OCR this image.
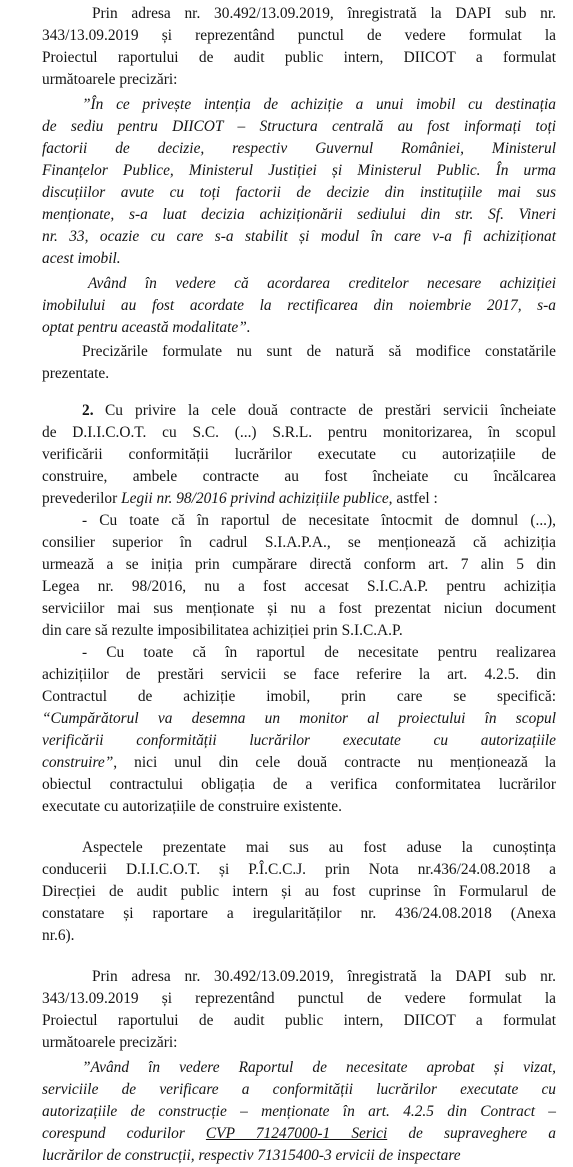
Prin adresa nr. 30.492/13.09.2019, înregistrată la DAPI sub nr.
343/13.09.2019 și reprezentând punctul de vedere formulat la
Proiectul raportului de audit public intern, DIICOT a formulat
următoarele precizări:
”În ce privește intenția de achiziție a unui imobil cu destinația
de sediu pentru DIICOT – Structura centrală au fost informați toți
factorii de decizie, respectiv Guvernul României, Ministerul
Finanțelor Publice, Ministerul Justiției și Ministerul Public. În urma
discuțiilor avute cu toți factorii de decizie din instituțiile mai sus
menționate, s-a luat decizia achiziționării sediului din str. Sf. Vineri
nr. 33, ocazie cu care s-a stabilit și modul în care v-a fi achiziționat
acest imobil.
Având în vedere că acordarea creditelor necesare achiziției
imobilului au fost acordate la rectificarea din noiembrie 2017, s-a
optat pentru această modalitate”.
Precizările formulate nu sunt de natură să modifice constatările
prezentate.
2. Cu privire la cele două contracte de prestări servicii încheiate
de D.I.I.C.O.T. cu S.C. (...) S.R.L. pentru monitorizarea, în scopul
verificării conformității lucrărilor executate cu autorizațiile de
construire, ambele contracte au fost încheiate cu încălcarea
prevederilor Legii nr. 98/2016 privind achizițiile publice, astfel :
- Cu toate că în raportul de necesitate întocmit de domnul (...),
consilier superior în cadrul S.I.A.P.A., se menționează că achiziția
urmează a se iniția prin cumpărare directă conform art. 7 alin 5 din
Legea nr. 98/2016, nu a fost accesat S.I.C.A.P. pentru achiziția
serviciilor mai sus menționate și nu a fost prezentat niciun document
din care să rezulte imposibilitatea achiziției prin S.I.C.A.P.
- Cu toate că în raportul de necesitate pentru realizarea
achizițiilor de prestări servicii se face referire la art. 4.2.5. din
Contractul de achiziție imobil, prin care se specifică:
“Cumpărătorul va desemna un monitor al proiectului în scopul
verificării conformității lucrărilor executate cu autorizațiile
construire”, nici unul din cele două contracte nu menționează la
obiectul contractului obligația de a verifica conformitatea lucrărilor
executate cu autorizațiile de construire existente.
Aspectele prezentate mai sus au fost aduse la cunoștința
conducerii D.I.I.C.O.T. și P.Î.C.C.J. prin Nota nr.436/24.08.2018 a
Direcției de audit public intern și au fost cuprinse în Formularul de
constatare și raportare a iregularităților nr. 436/24.08.2018 (Anexa
nr.6).
Prin adresa nr. 30.492/13.09.2019, înregistrată la DAPI sub nr.
343/13.09.2019 și reprezentând punctul de vedere formulat la
Proiectul raportului de audit public intern, DIICOT a formulat
următoarele precizări:
”Având în vedere Raportul de necesitate aprobat și vizat,
serviciile de verificare a conformității lucrărilor executate cu
autorizațiile de construcție – menționate în art. 4.2.5 din Contract –
corespund codurilor CVP 71247000-1 Serici de supraveghere a
lucrărilor de construcții, respectiv 71315400-3 ervicii de inspectare
